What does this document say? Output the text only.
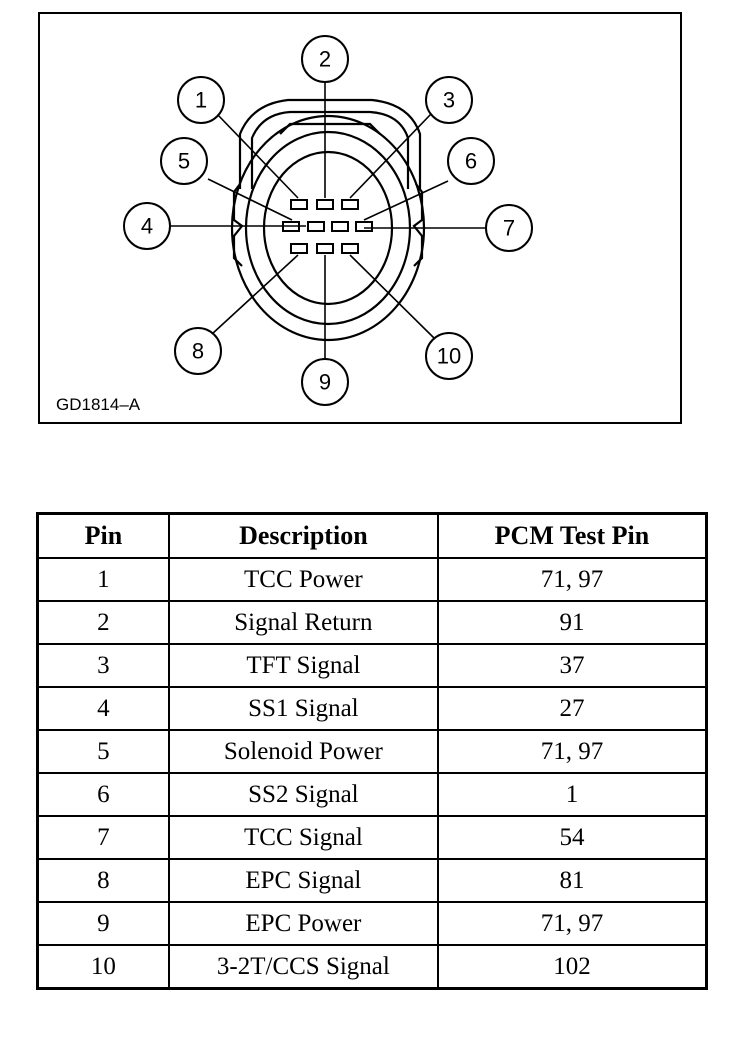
1
2
3
4
5	6
7
8
9
10
GD1814–A
Pin	Description	PCM Test Pin
1	TCC Power	71, 97
2	Signal Return	91
3	TFT Signal	37
4	SS1 Signal	27
5	Solenoid Power	71, 97
6	SS2 Signal	1
7	TCC Signal	54
8	EPC Signal	81
9	EPC Power	71, 97
10	3-2T/CCS Signal	102
